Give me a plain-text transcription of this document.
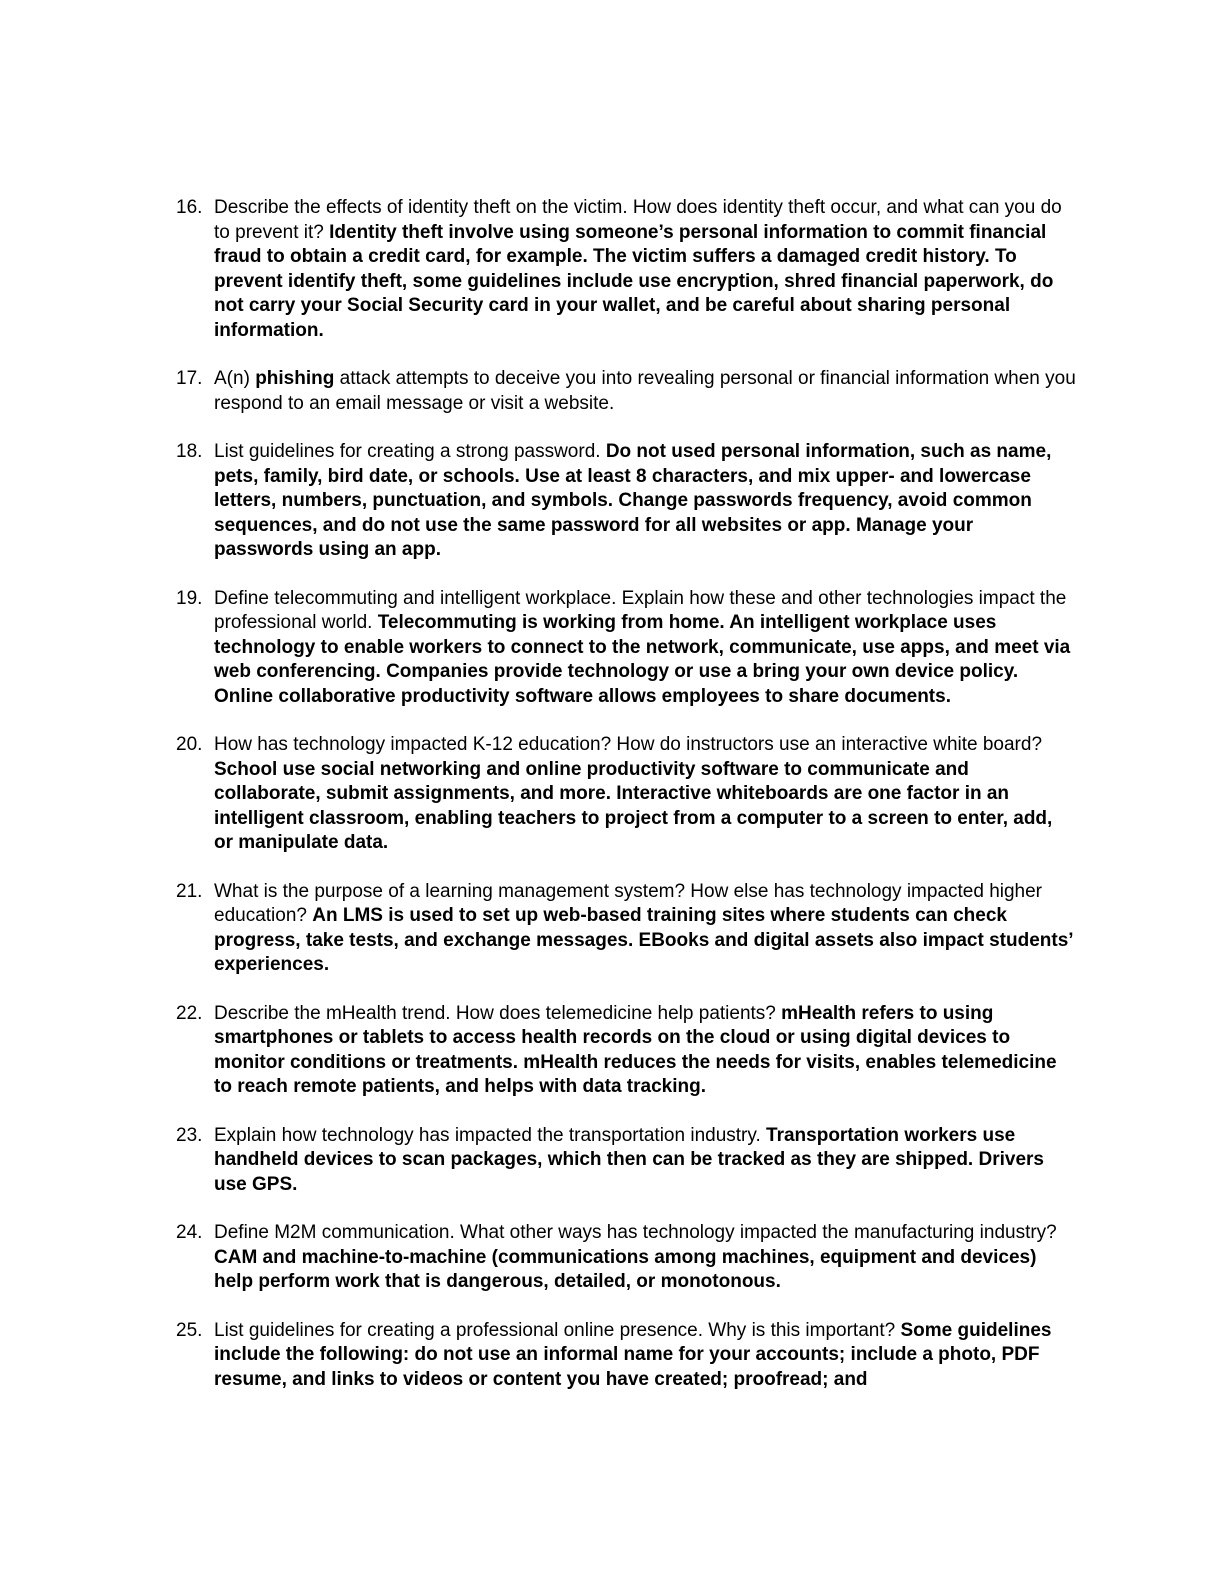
16. Describe the effects of identity theft on the victim. How does identity theft occur, and what can you do to prevent it? Identity theft involve using someone’s personal information to commit financial fraud to obtain a credit card, for example. The victim suffers a damaged credit history. To prevent identify theft, some guidelines include use encryption, shred financial paperwork, do not carry your Social Security card in your wallet, and be careful about sharing personal information.
17. A(n) phishing attack attempts to deceive you into revealing personal or financial information when you respond to an email message or visit a website.
18. List guidelines for creating a strong password. Do not used personal information, such as name, pets, family, bird date, or schools. Use at least 8 characters, and mix upper- and lowercase letters, numbers, punctuation, and symbols. Change passwords frequency, avoid common sequences, and do not use the same password for all websites or app. Manage your passwords using an app.
19. Define telecommuting and intelligent workplace. Explain how these and other technologies impact the professional world. Telecommuting is working from home. An intelligent workplace uses technology to enable workers to connect to the network, communicate, use apps, and meet via web conferencing. Companies provide technology or use a bring your own device policy. Online collaborative productivity software allows employees to share documents.
20. How has technology impacted K-12 education? How do instructors use an interactive white board? School use social networking and online productivity software to communicate and collaborate, submit assignments, and more. Interactive whiteboards are one factor in an intelligent classroom, enabling teachers to project from a computer to a screen to enter, add, or manipulate data.
21. What is the purpose of a learning management system? How else has technology impacted higher education? An LMS is used to set up web-based training sites where students can check progress, take tests, and exchange messages. EBooks and digital assets also impact students’ experiences.
22. Describe the mHealth trend. How does telemedicine help patients? mHealth refers to using smartphones or tablets to access health records on the cloud or using digital devices to monitor conditions or treatments. mHealth reduces the needs for visits, enables telemedicine to reach remote patients, and helps with data tracking.
23. Explain how technology has impacted the transportation industry. Transportation workers use handheld devices to scan packages, which then can be tracked as they are shipped. Drivers use GPS.
24. Define M2M communication. What other ways has technology impacted the manufacturing industry? CAM and machine-to-machine (communications among machines, equipment and devices) help perform work that is dangerous, detailed, or monotonous.
25. List guidelines for creating a professional online presence. Why is this important? Some guidelines include the following: do not use an informal name for your accounts; include a photo, PDF resume, and links to videos or content you have created; proofread; and
